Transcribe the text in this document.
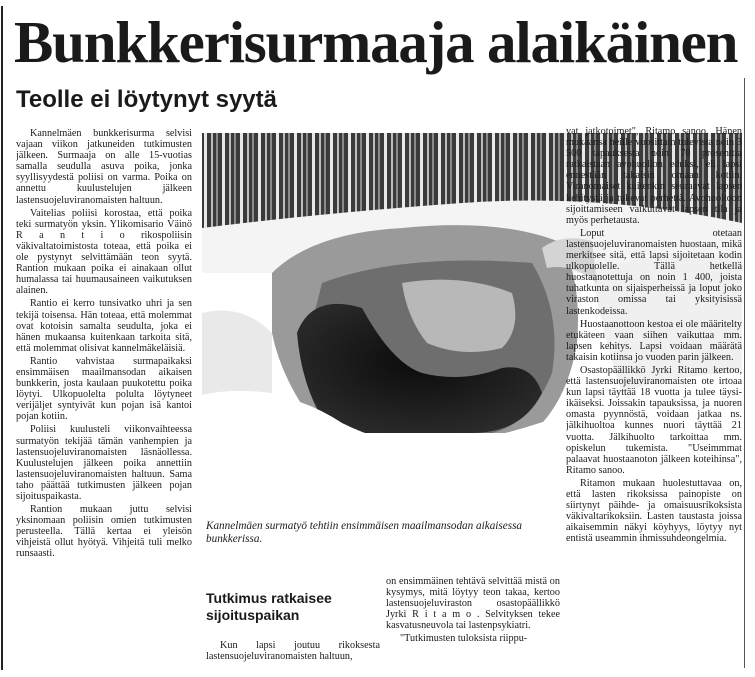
Bunkkerisurmaaja alaikäinen
Teolle ei löytynyt syytä

Kannelmäen bunkkerisurma selvisi vajaan viikon jatkuneiden tutkimusten jälkeen. Surmaaja on alle 15-vuotias samalla seudulla asuva poika, jonka syyllisyydestä poliisi on varma. Poika on annettu kuulustelujen jälkeen lastensuojeluviranomaisten haltuun.

Vaitelias poliisi korostaa, että poika teki surmatyön yksin. Ylikomisario Väinö R a n t i o rikospoliisin väkivaltatoimistosta toteaa, että poika ei ole pystynyt selvittämään teon syytä. Rantion mukaan poika ei ainakaan ollut humalassa tai huumausaineen vaikutuksen alainen.

Rantio ei kerro tunsivatko uhri ja sen tekijä toisensa. Hän toteaa, että molemmat ovat kotoisin samalta seudulta, joka ei hänen mukaansa kuitenkaan tarkoita sitä, että molemmat olisivat kannelmäkeläisiä.

Rantio vahvistaa surmapaikaksi ensimmäisen maailmansodan aikaisen bunkkerin, josta kaulaan puukotettu poika löytyi. Ulkopuolelta polulta löytyneet verijäljet syntyivät kun pojan isä kantoi pojan kotiin.

Poliisi kuulusteli viikonvaihteessa surmatyön tekijää tämän vanhempien ja lastensuojeluviranomaisten läsnäollessa. Kuulustelujen jälkeen poika annettiin lastensuojeluviranomaisten haltuun. Sama taho päättää tutkimusten jälkeen pojan sijoituspaikasta.

Rantion mukaan juttu selvisi yksinomaan poliisin omien tutkimusten perusteella. Tällä kertaa ei yleisön vihjeistä ollut hyötyä. Vihjeitä tuli melko runsaasti.

Kannelmäen surmatyö tehtiin ensimmäisen maailmansodan aikaisessa bunkkerissa.

Tutkimus ratkaisee sijoituspaikan

Kun lapsi joutuu rikoksesta lastensuojeluviranomaisten haltuun,

on ensimmäinen tehtävä selvittää mistä on kysymys, mitä löytyy teon takaa, kertoo lastensuojeluviraston osastopäällikkö Jyrki R i t a m o . Selvityksen tekee kasvatusneuvola tai lastenpsykiatri.

"Tutkimusten tuloksista riippu-

vat jatkotoimet", Ritamo sanoo. Hänen mukaansa heille vuosittain tulevista noin 3 500 tapauksesta noin 70 prosenttia ratkaistaan avohuollon eduksi, eli lapsi ennestään takaisin omaan kotiin. Viranomaiset kuitenkin seuraavat lapsen kehitystä ja tukevat perhettä. Avohuoltoon sijoittamiseen vaikuttavat lapsen tila ja myös perhetausta.

Loput otetaan lastensuojeluviranomaisten huostaan, mikä merkitsee sitä, että lapsi sijoitetaan kodin ulkopuolelle. Tällä hetkellä huostaanotettuja on noin 1 400, joista tuhatkunta on sijaisperheissä ja loput joko viraston omissa tai yksityisissä lastenkodeissa.

Huostaanottoon kestoa ei ole määritelty etukäteen vaan siihen vaikuttaa mm. lapsen kehitys. Lapsi voidaan määrätä takaisin kotiinsa jo vuoden parin jälkeen.

Osastopäällikkö Jyrki Ritamo kertoo, että lastensuojeluviranomaisten ote irtoaa kun lapsi täyttää 18 vuotta ja tulee täysi-ikäiseksi. Joissakin tapauksissa, ja nuoren omasta pyynnöstä, voidaan jatkaa ns. jälkihuoltoa kunnes nuori täyttää 21 vuotta. Jälkihuolto tarkoittaa mm. opiskelun tukemista. "Useimmmat palaavat huostaanoton jälkeen koteihinsa", Ritamo sanoo.

Ritamon mukaan huolestuttavaa on, että lasten rikoksissa painopiste on siirtynyt päihde- ja omaisuusrikoksista väkivaltarikoksiin. Lasten taustasta joissa aikaisemmin näkyi köyhyys, löytyy nyt entistä useammin ihmissuhdeongelmia.
